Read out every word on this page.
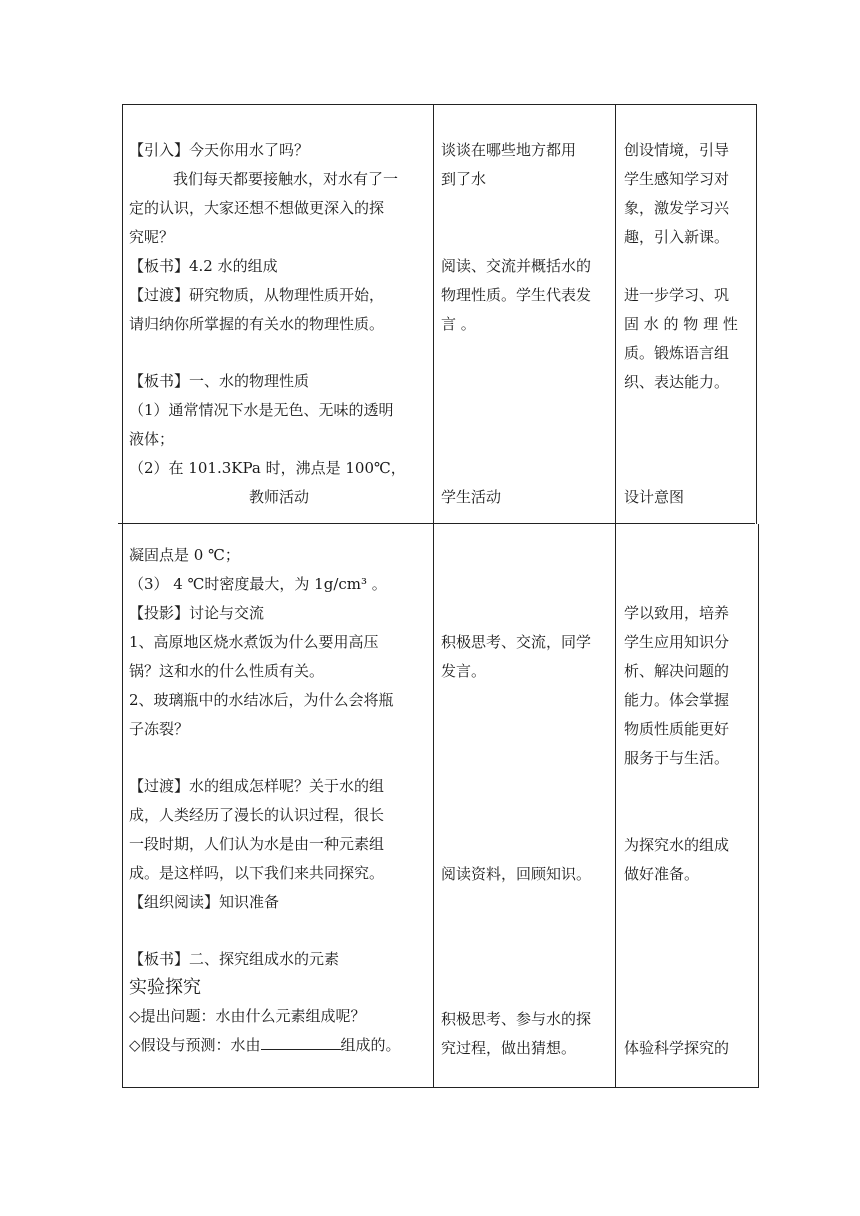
【引入】今天你用水了吗？

我们每天都要接触水，对水有了一

定的认识，大家还想不想做更深入的探

究呢？

【板书】4.2 水的组成

【过渡】研究物质，从物理性质开始，

请归纳你所掌握的有关水的物理性质。

【板书】一、水的物理性质

（1）通常情况下水是无色、无味的透明

液体；

（2）在 101.3KPa 时，沸点是 100℃，

教师活动

谈谈在哪些地方都用

到了水

阅读、交流并概括水的

物理性质。学生代表发

言 。

学生活动

创设情境，引导

学生感知学习对

象，激发学习兴

趣，引入新课。

进一步学习、巩

固 水 的 物 理 性

质。锻炼语言组

织、表达能力。

设计意图

凝固点是 0 ℃；

（3） 4 ℃时密度最大，为 1g/cm³ 。

【投影】讨论与交流

1、高原地区烧水煮饭为什么要用高压

锅？这和水的什么性质有关。

2、玻璃瓶中的水结冰后，为什么会将瓶

子冻裂？

【过渡】水的组成怎样呢？关于水的组

成，人类经历了漫长的认识过程，很长

一段时期，人们认为水是由一种元素组

成。是这样吗，以下我们来共同探究。

【组织阅读】知识准备

【板书】二、探究组成水的元素

实验探究

◇提出问题：水由什么元素组成呢？

◇假设与预测：水由	组成的。

积极思考、交流，同学

发言。

阅读资料，回顾知识。

积极思考、参与水的探

究过程，做出猜想。

学以致用，培养

学生应用知识分

析、解决问题的

能力。体会掌握

物质性质能更好

服务于与生活。

为探究水的组成

做好准备。

体验科学探究的
